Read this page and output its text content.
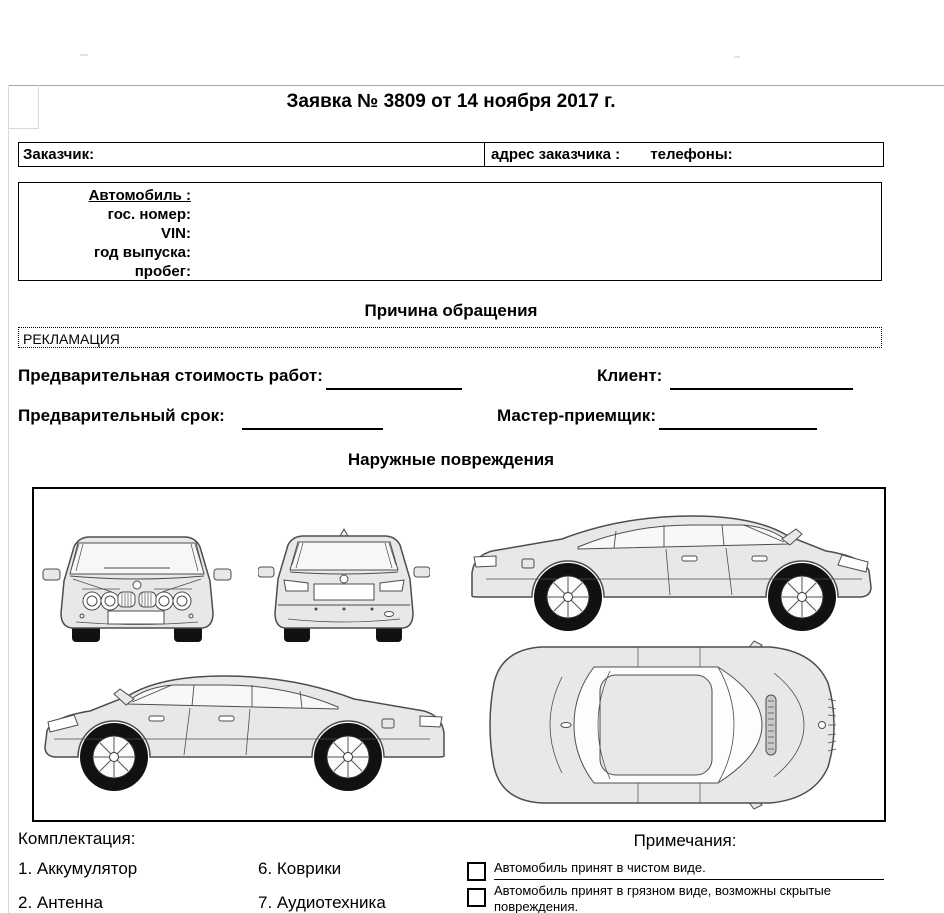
Заявка № 3809 от 14 ноября 2017 г.
Заказчик:	адрес заказчика : телефоны:
Автомобиль :
гос. номер:
VIN:
год выпуска:
пробег:
Причина обращения
РЕКЛАМАЦИЯ
Предварительная стоимость работ:	Клиент:
Предварительный срок:	Мастер-приемщик:
Наружные повреждения
Комплектация:
1. Аккумулятор
2. Антенна
6. Коврики
7. Аудиотехника
Примечания:
Автомобиль принят в чистом виде.
Автомобиль принят в грязном виде, возможны скрытые повреждения.
